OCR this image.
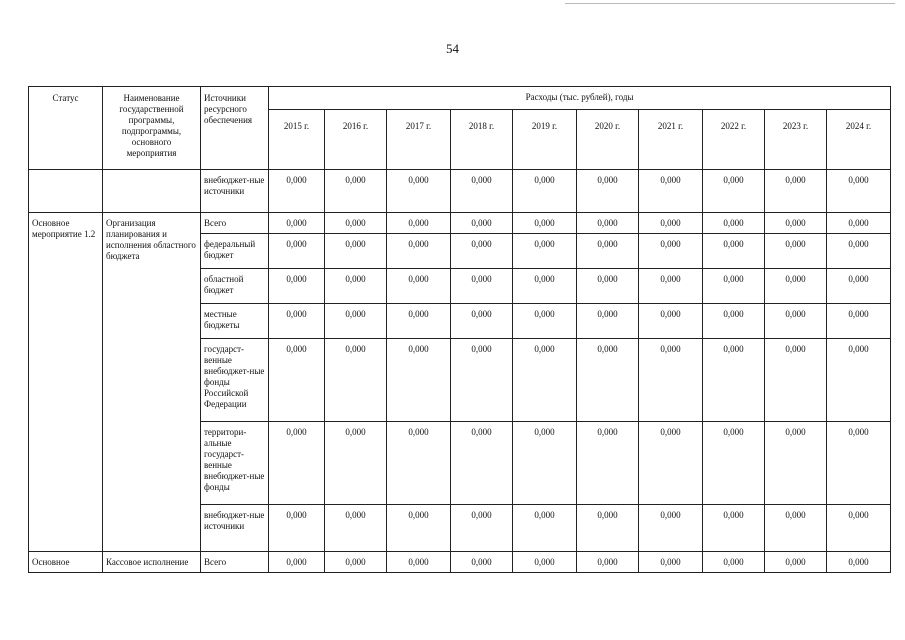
54
Статус	Наименование государственной программы, подпрограммы, основного мероприятия	Источники ресурсного обеспечения	Расходы (тыс. рублей), годы									
			2015 г.	2016 г.	2017 г.	2018 г.	2019 г.	2020 г.	2021 г.	2022 г.	2023 г.	2024 г.
		внебюджет-ные источники	0,000	0,000	0,000	0,000	0,000	0,000	0,000	0,000	0,000	0,000
Основное мероприятие 1.2	Организация планирования и исполнения областного бюджета	Всего	0,000	0,000	0,000	0,000	0,000	0,000	0,000	0,000	0,000	0,000
		федеральный бюджет	0,000	0,000	0,000	0,000	0,000	0,000	0,000	0,000	0,000	0,000
		областной бюджет	0,000	0,000	0,000	0,000	0,000	0,000	0,000	0,000	0,000	0,000
		местные бюджеты	0,000	0,000	0,000	0,000	0,000	0,000	0,000	0,000	0,000	0,000
		государст-венные внебюджет-ные фонды Российской Федерации	0,000	0,000	0,000	0,000	0,000	0,000	0,000	0,000	0,000	0,000
		территори-альные государст-венные внебюджет-ные фонды	0,000	0,000	0,000	0,000	0,000	0,000	0,000	0,000	0,000	0,000
		внебюджет-ные источники	0,000	0,000	0,000	0,000	0,000	0,000	0,000	0,000	0,000	0,000
Основное	Кассовое исполнение	Всего	0,000	0,000	0,000	0,000	0,000	0,000	0,000	0,000	0,000	0,000
